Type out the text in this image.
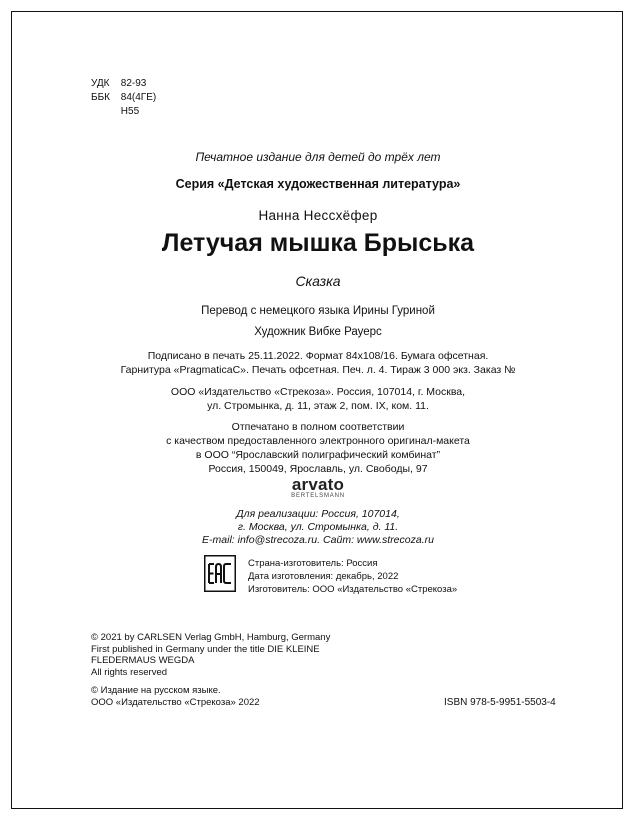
УДК 82-93
ББК 84(4ГЕ)
Н55
Печатное издание для детей до трёх лет
Серия «Детская художественная литература»
Нанна Нессхёфер
Летучая мышка Брыська
Сказка
Перевод с немецкого языка Ирины Гуриной
Художник Вибке Рауерс
Подписано в печать 25.11.2022. Формат 84x108/16. Бумага офсетная.
Гарнитура «PragmaticaC». Печать офсетная. Печ. л. 4. Тираж 3 000 экз. Заказ №
ООО «Издательство «Стрекоза». Россия, 107014, г. Москва,
ул. Стромынка, д. 11, этаж 2, пом. IX, ком. 11.
Отпечатано в полном соответствии
с качеством предоставленного электронного оригинал-макета
в ООО “Ярославский полиграфический комбинат”
Россия, 150049, Ярославль, ул. Свободы, 97
arvato
BERTELSMANN
Для реализации: Россия, 107014,
г. Москва, ул. Стромынка, д. 11.
E-mail: info@strecoza.ru. Сайт: www.strecoza.ru
Страна-изготовитель: Россия
Дата изготовления: декабрь, 2022
Изготовитель: ООО «Издательство «Стрекоза»
© 2021 by CARLSEN Verlag GmbH, Hamburg, Germany
First published in Germany under the title DIE KLEINE
FLEDERMAUS WEGDA
All rights reserved
© Издание на русском языке.
ООО «Издательство «Стрекоза» 2022	ISBN 978-5-9951-5503-4
